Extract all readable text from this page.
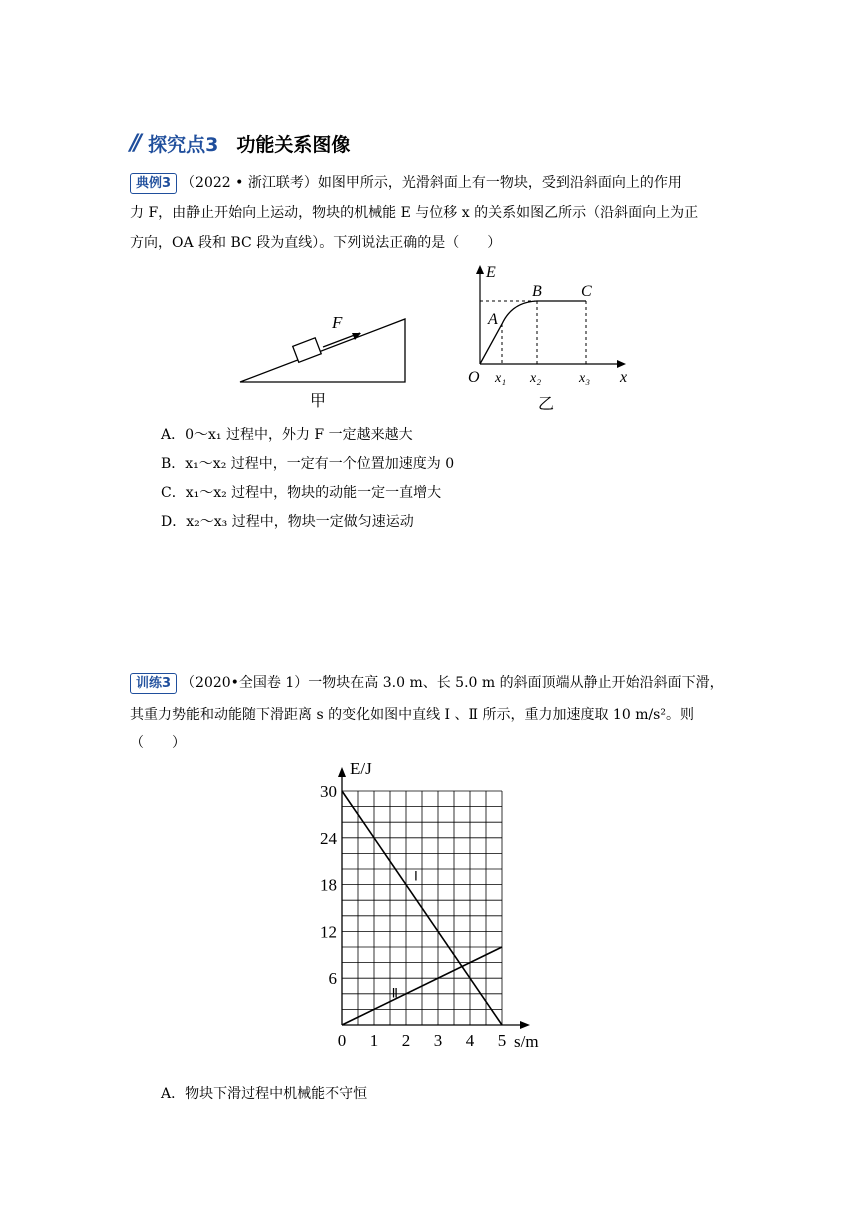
// 探究点3 功能关系图像
典例3 （2022 • 浙江联考）如图甲所示，光滑斜面上有一物块，受到沿斜面向上的作用
力 F，由静止开始向上运动，物块的机械能 E 与位移 x 的关系如图乙所示（沿斜面向上为正
方向，OA 段和 BC 段为直线）。下列说法正确的是（　　）
F
甲
E
x
O
A
B C
x₁ x₂	x₃
乙
A．0～x₁ 过程中，外力 F 一定越来越大
B．x₁～x₂ 过程中，一定有一个位置加速度为 0
C．x₁～x₂ 过程中，物块的动能一定一直增大
D．x₂～x₃ 过程中，物块一定做匀速运动
训练3 （2020•全国卷 1）一物块在高 3.0 m、长 5.0 m 的斜面顶端从静止开始沿斜面下滑，
其重力势能和动能随下滑距离 s 的变化如图中直线 Ⅰ 、Ⅱ 所示，重力加速度取 10 m/s²。则
（　　）
Ⅰ
Ⅱ
0 1 2 3 4 5
6
12
18
24
30
s/m
E/J
A．物块下滑过程中机械能不守恒
